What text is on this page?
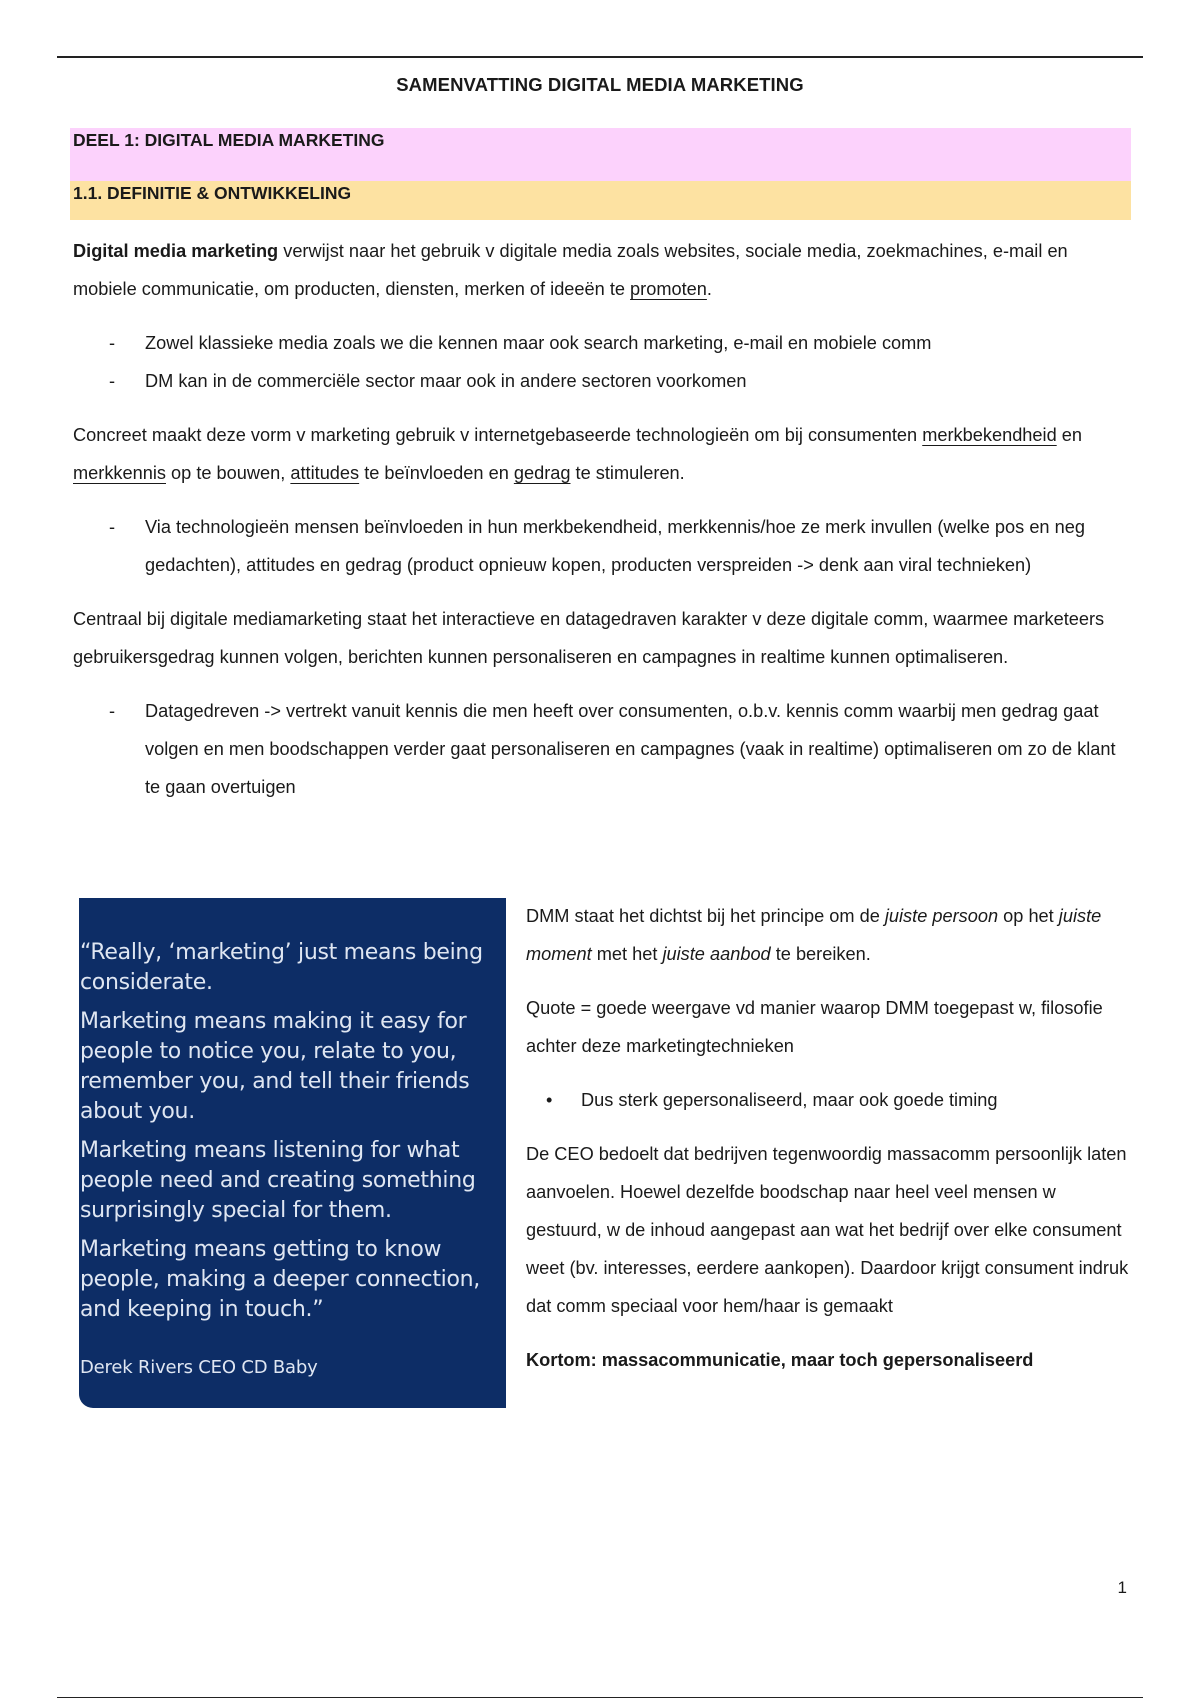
SAMENVATTING DIGITAL MEDIA MARKETING
DEEL 1: DIGITAL MEDIA MARKETING
1.1. DEFINITIE & ONTWIKKELING

Digital media marketing verwijst naar het gebruik v digitale media zoals websites, sociale media, zoekmachines, e-mail en mobiele communicatie, om producten, diensten, merken of ideeën te promoten.

- Zowel klassieke media zoals we die kennen maar ook search marketing, e-mail en mobiele comm
- DM kan in de commerciële sector maar ook in andere sectoren voorkomen

Concreet maakt deze vorm v marketing gebruik v internetgebaseerde technologieën om bij consumenten merkbekendheid en merkkennis op te bouwen, attitudes te beïnvloeden en gedrag te stimuleren.

- Via technologieën mensen beïnvloeden in hun merkbekendheid, merkkennis/hoe ze merk invullen (welke pos en neg gedachten), attitudes en gedrag (product opnieuw kopen, producten verspreiden -> denk aan viral technieken)

Centraal bij digitale mediamarketing staat het interactieve en datagedraven karakter v deze digitale comm, waarmee marketeers gebruikersgedrag kunnen volgen, berichten kunnen personaliseren en campagnes in realtime kunnen optimaliseren.

- Datagedreven -> vertrekt vanuit kennis die men heeft over consumenten, o.b.v. kennis comm waarbij men gedrag gaat volgen en men boodschappen verder gaat personaliseren en campagnes (vaak in realtime) optimaliseren om zo de klant te gaan overtuigen

“Really, ‘marketing’ just means being considerate.

Marketing means making it easy for people to notice you, relate to you, remember you, and tell their friends about you.

Marketing means listening for what people need and creating something surprisingly special for them.

Marketing means getting to know people, making a deeper connection, and keeping in touch.”

Derek Rivers CEO CD Baby

DMM staat het dichtst bij het principe om de juiste persoon op het juiste moment met het juiste aanbod te bereiken.

Quote = goede weergave vd manier waarop DMM toegepast w, filosofie achter deze marketingtechnieken

• Dus sterk gepersonaliseerd, maar ook goede timing

De CEO bedoelt dat bedrijven tegenwoordig massacomm persoonlijk laten aanvoelen. Hoewel dezelfde boodschap naar heel veel mensen w gestuurd, w de inhoud aangepast aan wat het bedrijf over elke consument weet (bv. interesses, eerdere aankopen). Daardoor krijgt consument indruk dat comm speciaal voor hem/haar is gemaakt

Kortom: massacommunicatie, maar toch gepersonaliseerd

1
